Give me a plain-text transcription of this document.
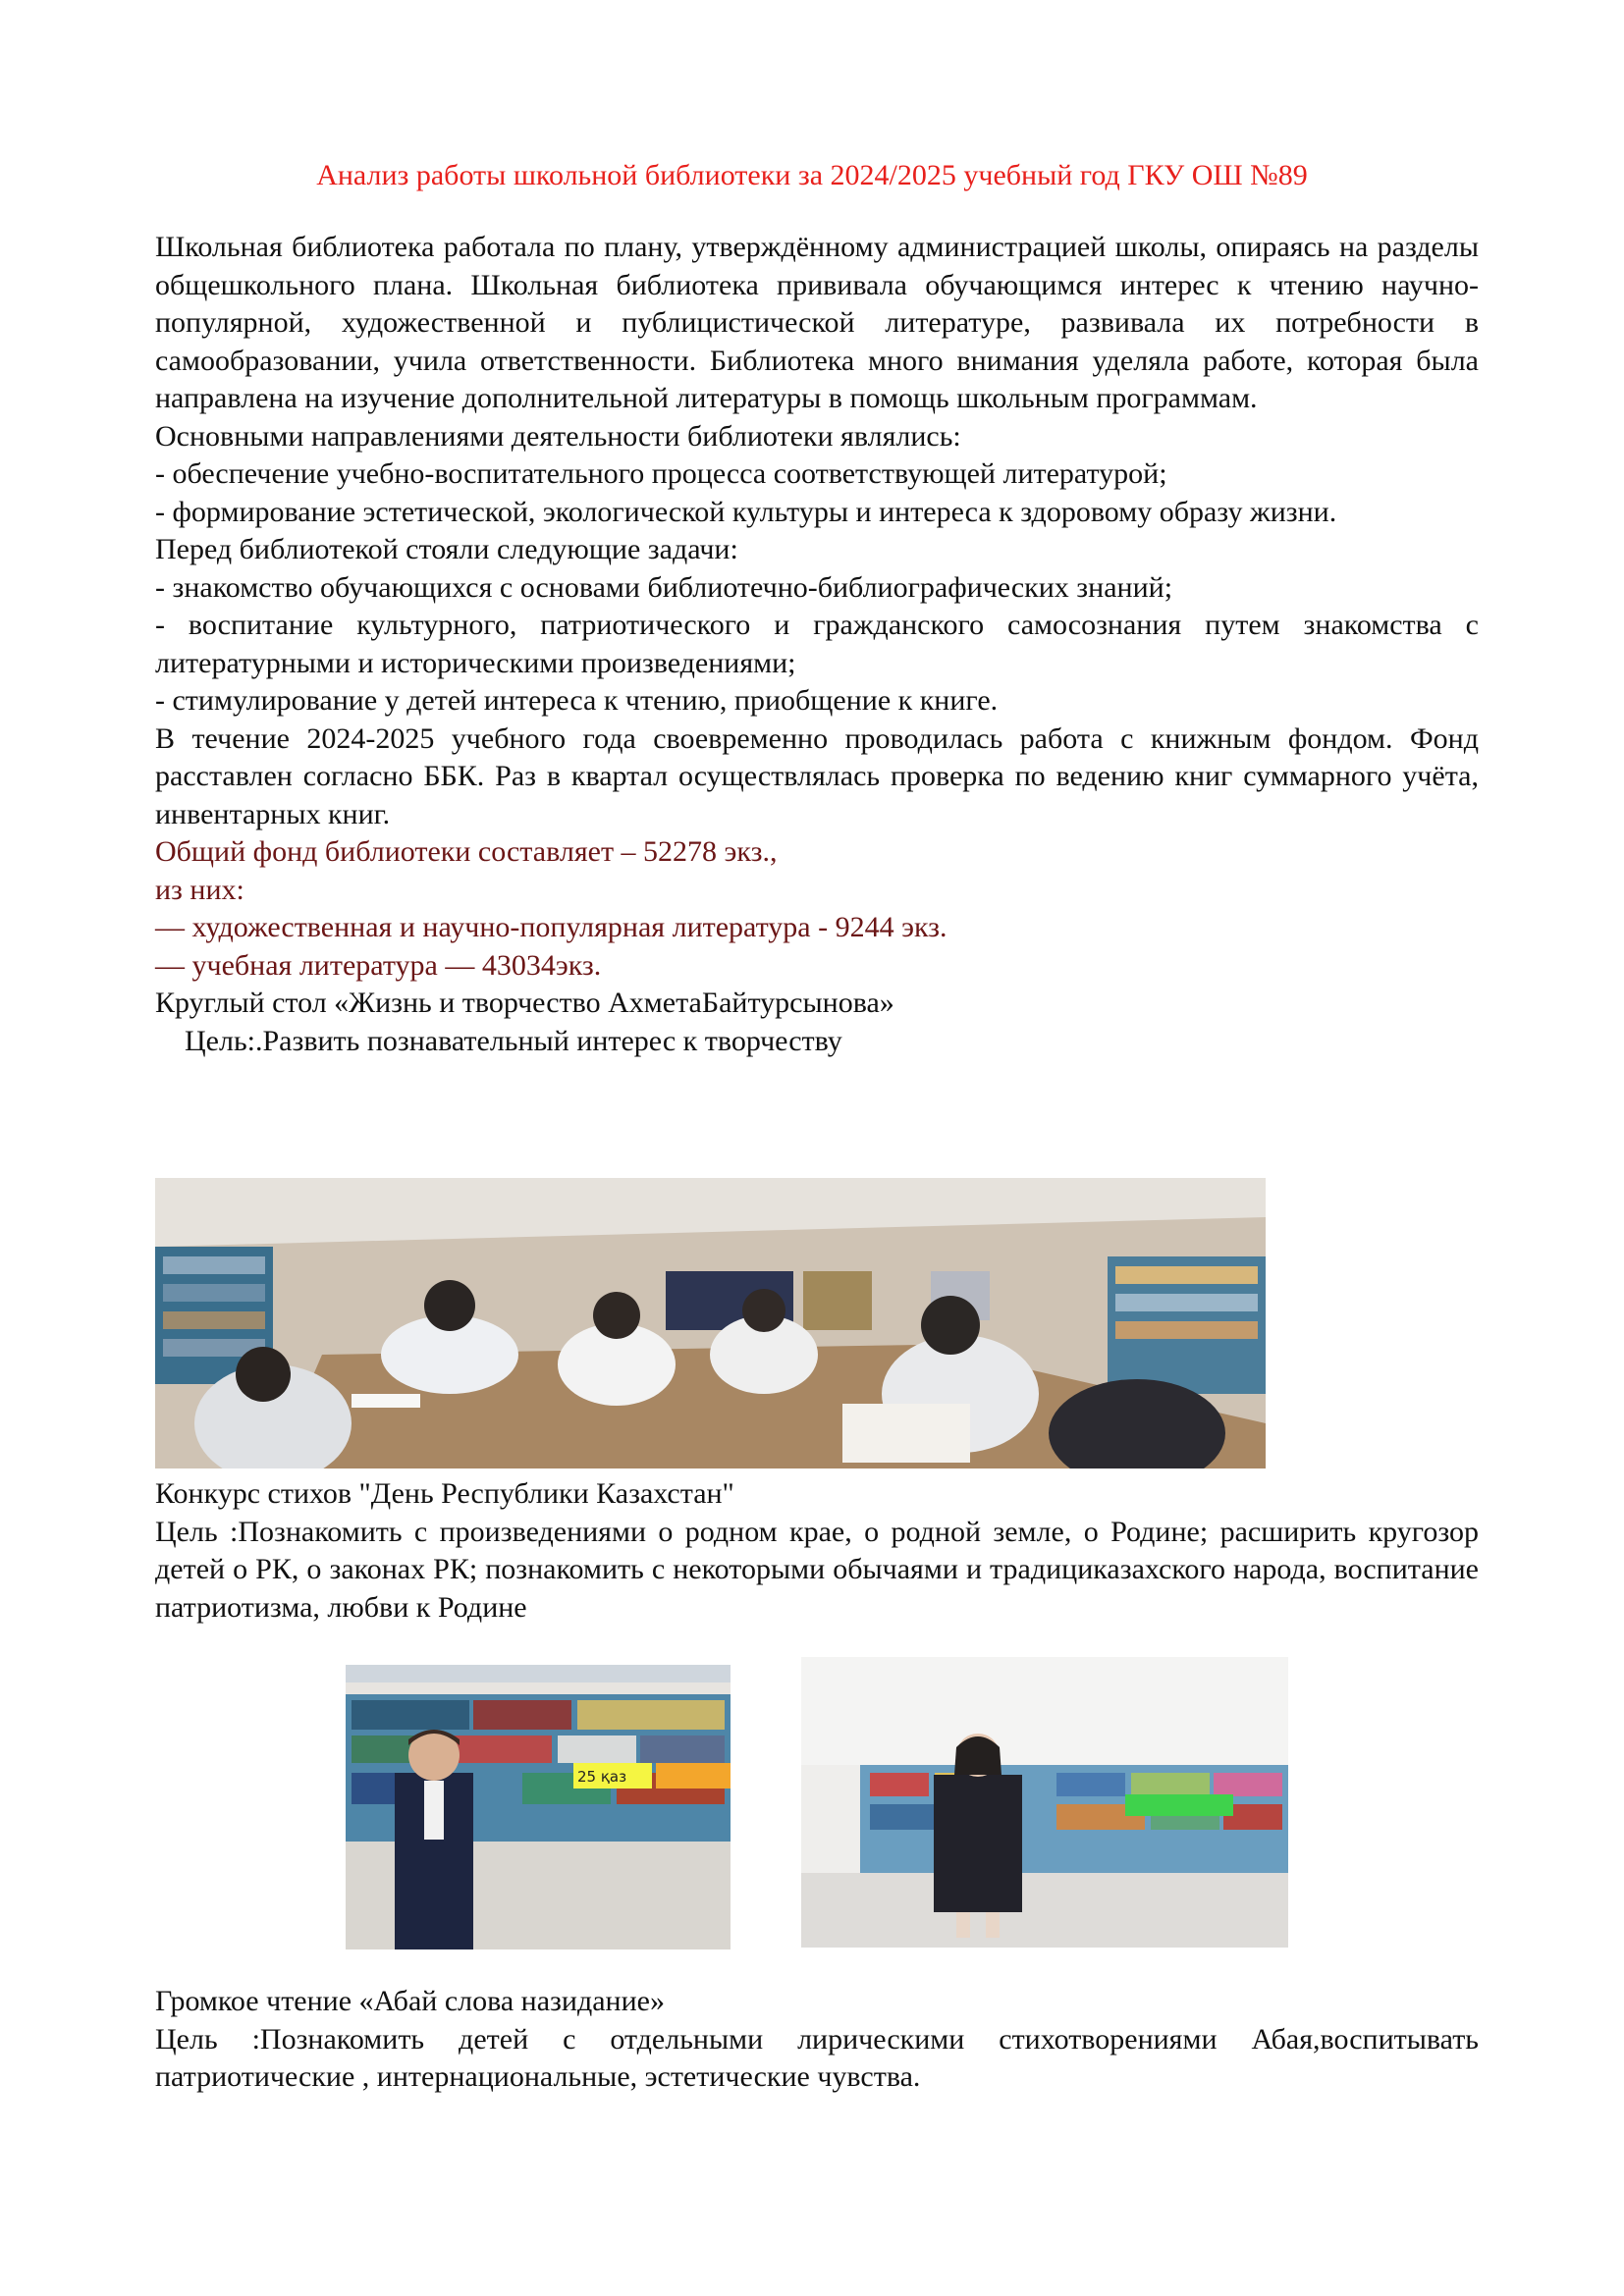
Анализ работы школьной библиотеки за 2024/2025 учебный год ГКУ ОШ №89

Школьная библиотека работала по плану, утверждённому администрацией школы, опираясь на разделы общешкольного плана. Школьная библиотека прививала обучающимся интерес к чтению научно-популярной, художественной и публицистической литературе, развивала их потребности в самообразовании, учила ответственности. Библиотека много внимания уделяла работе, которая была направлена на изучение дополнительной литературы в помощь школьным программам.

Основными направлениями деятельности библиотеки являлись:

- обеспечение учебно-воспитательного процесса соответствующей литературой;

- формирование эстетической, экологической культуры и интереса к здоровому образу жизни.

Перед библиотекой стояли следующие задачи:

- знакомство обучающихся с основами библиотечно-библиографических знаний;

- воспитание культурного, патриотического и гражданского самосознания путем знакомства с литературными и историческими произведениями;

- стимулирование у детей интереса к чтению, приобщение к книге.

В течение 2024-2025 учебного года своевременно проводилась работа с книжным фондом. Фонд расставлен согласно ББК. Раз в квартал осуществлялась проверка по ведению книг суммарного учёта, инвентарных книг.

Общий фонд библиотеки составляет – 52278 экз.,

из них:

— художественная и научно-популярная литература - 9244 экз.

— учебная литература — 43034экз.

Круглый стол «Жизнь и творчество АхметаБайтурсынова»

Цель:.Развить познавательный интерес к творчеству

Конкурс стихов "День Республики Казахстан"

Цель :Познакомить с произведениями о родном крае, о родной земле, о Родине; расширить кругозор детей о РК, о законах РК; познакомить с некоторыми обычаями и традициказахского народа, воспитание патриотизма, любви к Родине

25 қаз

Громкое чтение «Абай слова назидание»

Цель :Познакомить детей с отдельными лирическими стихотворениями Абая,воспитывать патриотические , интернациональные, эстетические чувства.
